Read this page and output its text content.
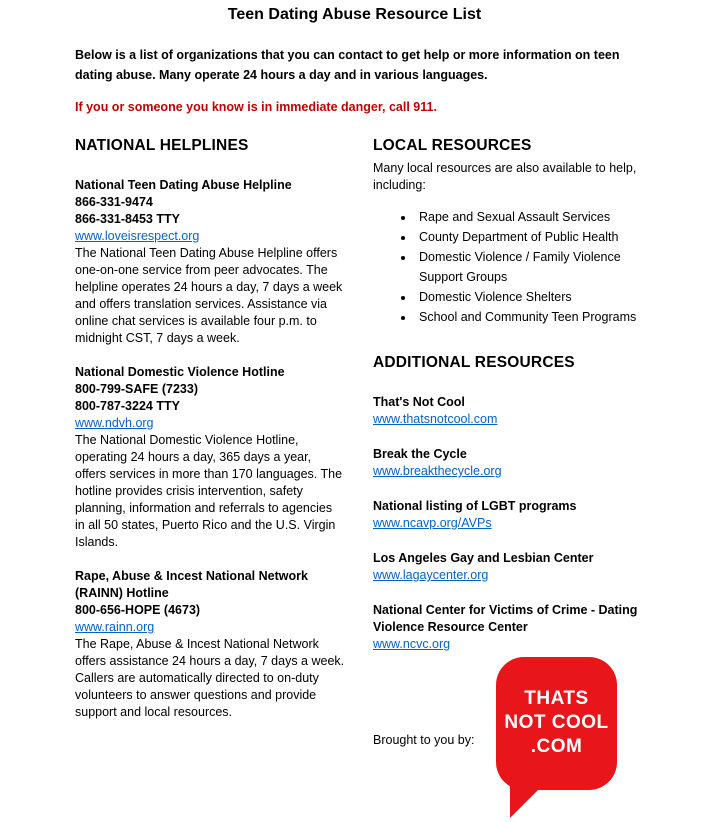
Teen Dating Abuse Resource List

Below is a list of organizations that you can contact to get help or more information on teen dating abuse. Many operate 24 hours a day and in various languages.

If you or someone you know is in immediate danger, call 911.

NATIONAL HELPLINES
National Teen Dating Abuse Helpline
866-331-9474
866-331-8453 TTY
www.loveisrespect.org

The National Teen Dating Abuse Helpline offers one-on-one service from peer advocates. The helpline operates 24 hours a day, 7 days a week and offers translation services. Assistance via online chat services is available four p.m. to midnight CST, 7 days a week.

National Domestic Violence Hotline
800-799-SAFE (7233)
800-787-3224 TTY
www.ndvh.org

The National Domestic Violence Hotline, operating 24 hours a day, 365 days a year, offers services in more than 170 languages. The hotline provides crisis intervention, safety planning, information and referrals to agencies in all 50 states, Puerto Rico and the U.S. Virgin Islands.

Rape, Abuse & Incest National Network (RAINN) Hotline
800-656-HOPE (4673)
www.rainn.org

The Rape, Abuse & Incest National Network offers assistance 24 hours a day, 7 days a week. Callers are automatically directed to on-duty volunteers to answer questions and provide support and local resources.

LOCAL RESOURCES

Many local resources are also available to help, including:

• Rape and Sexual Assault Services
• County Department of Public Health
• Domestic Violence / Family Violence Support Groups
• Domestic Violence Shelters
• School and Community Teen Programs
ADDITIONAL RESOURCES
That's Not Cool
www.thatsnotcool.com
Break the Cycle
www.breakthecycle.org
National listing of LGBT programs
www.ncavp.org/AVPs
Los Angeles Gay and Lesbian Center
www.lagaycenter.org
National Center for Victims of Crime - Dating Violence Resource Center
www.ncvc.org
Brought to you by:
THATS
NOT COOL
.COM
